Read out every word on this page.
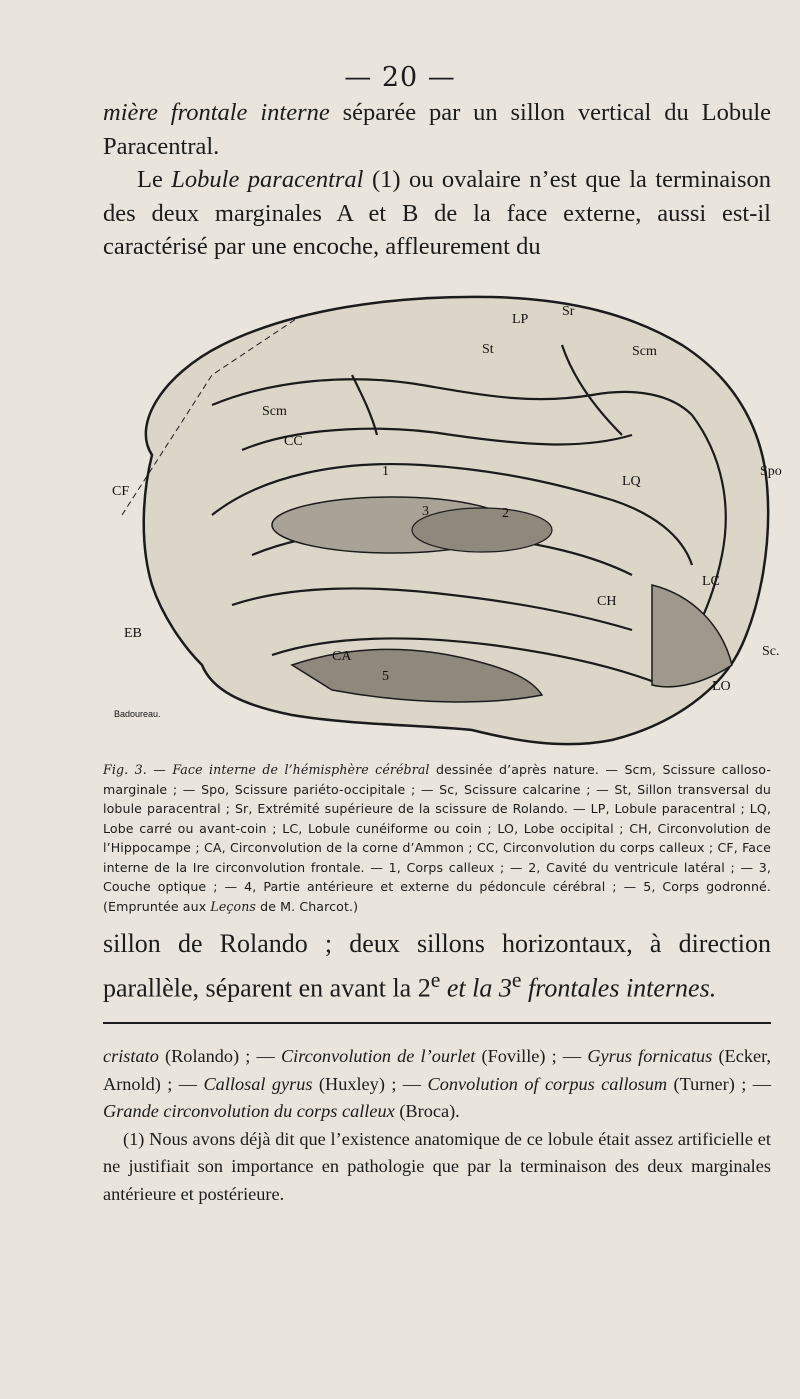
— 20 —
mière frontale interne séparée par un sillon vertical du Lobule Paracentral.
Le Lobule paracentral (1) ou ovalaire n’est que la terminaison des deux marginales A et B de la face externe, aussi est-il caractérisé par une encoche, affleurement du
Sr
LP
St	Scm
Scm
CC
1
CF
LQ
Spo
3	2
LC
CH
EB
Sc.
CA
5
LO
Badoureau.
Fig. 3. — Face interne de l’hémisphère cérébral dessinée d’après nature. — Scm, Scissure calloso-marginale ; — Spo, Scissure pariéto-occipitale ; — Sc, Scissure calcarine ; — St, Sillon transversal du lobule paracentral ; Sr, Extrémité supérieure de la scissure de Rolando. — LP, Lobule paracentral ; LQ, Lobe carré ou avant-coin ; LC, Lobule cunéiforme ou coin ; LO, Lobe occipital ; CH, Circonvolution de l’Hippocampe ; CA, Circonvolution de la corne d’Ammon ; CC, Circonvolution du corps calleux ; CF, Face interne de la Ire circonvolution frontale. — 1, Corps calleux ; — 2, Cavité du ventricule latéral ; — 3, Couche optique ; — 4, Partie antérieure et externe du pédoncule cérébral ; — 5, Corps godronné. (Empruntée aux Leçons de M. Charcot.)
sillon de Rolando ; deux sillons horizontaux, à direction parallèle, séparent en avant la 2e et la 3e frontales internes.
cristato (Rolando) ; — Circonvolution de l’ourlet (Foville) ; — Gyrus fornicatus (Ecker, Arnold) ; — Callosal gyrus (Huxley) ; — Convolution of corpus callosum (Turner) ; — Grande circonvolution du corps calleux (Broca).
(1) Nous avons déjà dit que l’existence anatomique de ce lobule était assez artificielle et ne justifiait son importance en pathologie que par la terminaison des deux marginales antérieure et postérieure.
